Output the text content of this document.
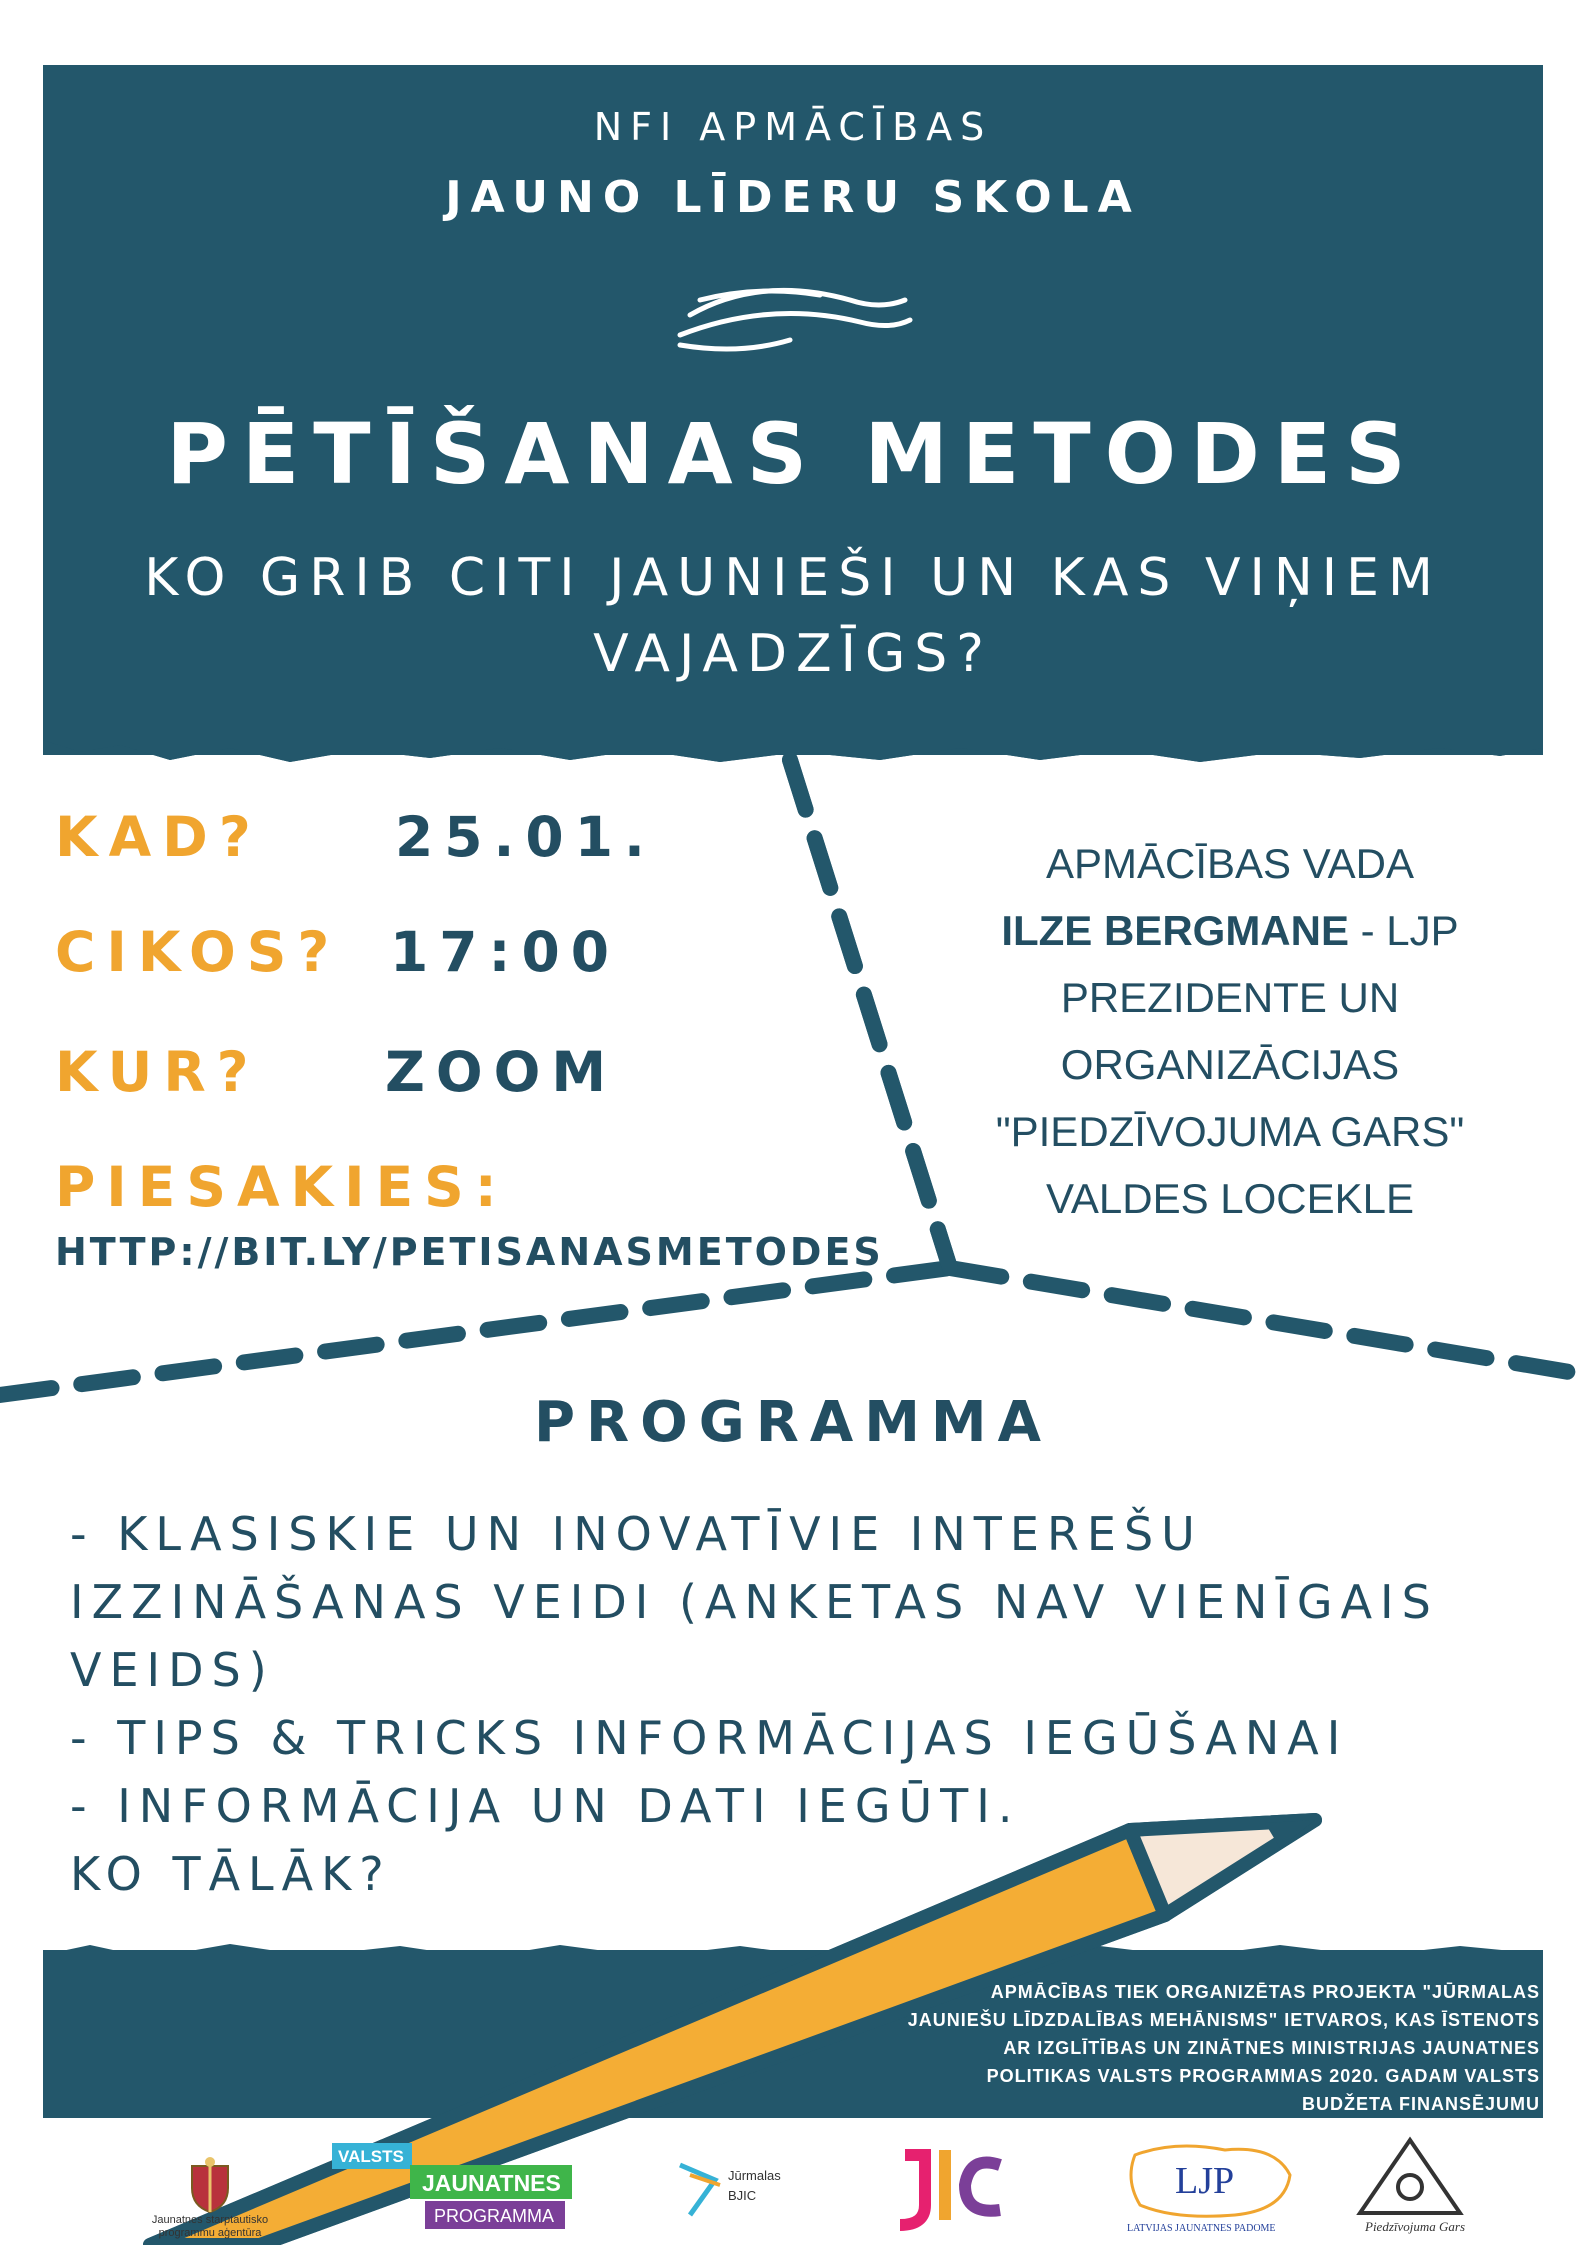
NFI APMĀCĪBAS
JAUNO LĪDERU SKOLA
PĒTĪŠANAS METODES
KO GRIB CITI JAUNIEŠI UN KAS VIŅIEM VAJADZĪGS?
KAD? 25.01.
CIKOS? 17:00
KUR? ZOOM
PIESAKIES:
HTTP://BIT.LY/PETISANASMETODES
APMĀCĪBAS VADA
ILZE BERGMANE - LJP
PREZIDENTE UN
ORGANIZĀCIJAS
"PIEDZĪVOJUMA GARS"
VALDES LOCEKLE
PROGRAMMA
- KLASISKIE UN INOVATĪVIE INTEREŠU IZZINĀŠANAS VEIDI (ANKETAS NAV VIENĪGAIS VEIDS)
- TIPS & TRICKS INFORMĀCIJAS IEGŪŠANAI
- INFORMĀCIJA UN DATI IEGŪTI.
KO TĀLĀK?
APMĀCĪBAS TIEK ORGANIZĒTAS PROJEKTA "JŪRMALAS
JAUNIEŠU LĪDZDALĪBAS MEHĀNISMS" IETVAROS, KAS ĪSTENOTS
AR IZGLĪTĪBAS UN ZINĀTNES MINISTRIJAS JAUNATNES
POLITIKAS VALSTS PROGRAMMAS 2020. GADAM VALSTS
BUDŽETA FINANSĒJUMU
Jaunatnes starptautisko
programmu aģentūra
VALSTS
JAUNATNES
PROGRAMMA
Jūrmalas
BJIC	LJP
LATVIJAS JAUNATNES PADOME	Piedzīvojuma Gars
